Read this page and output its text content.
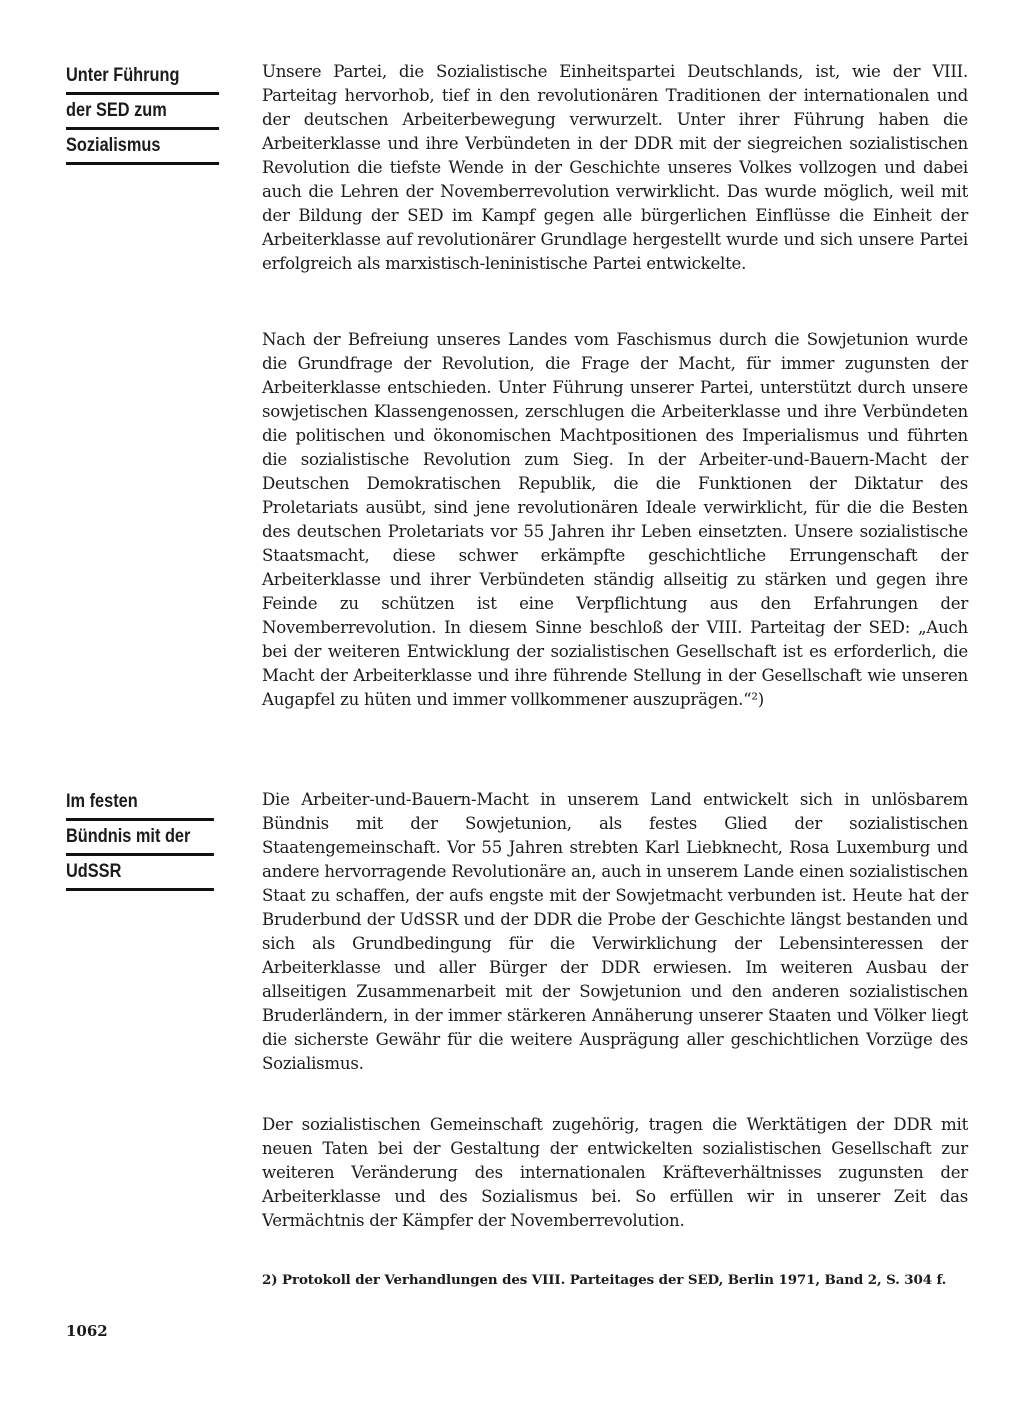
Unter Führung
der SED zum
Sozialismus
Im festen
Bündnis mit der
UdSSR

Unsere Partei, die Sozialistische Einheitspartei Deutschlands, ist, wie der VIII. Parteitag hervorhob, tief in den revolutionären Traditionen der internationalen und der deutschen Arbeiterbewegung verwurzelt. Unter ihrer Führung haben die Arbeiterklasse und ihre Verbündeten in der DDR mit der siegreichen sozialistischen Revolution die tiefste Wende in der Geschichte unseres Volkes vollzogen und dabei auch die Lehren der Novemberrevolution verwirklicht. Das wurde möglich, weil mit der Bildung der SED im Kampf gegen alle bürgerlichen Einflüsse die Einheit der Arbeiterklasse auf revolutionärer Grundlage hergestellt wurde und sich unsere Partei erfolgreich als marxistisch-leninistische Partei entwickelte.

Nach der Befreiung unseres Landes vom Faschismus durch die Sowjetunion wurde die Grundfrage der Revolution, die Frage der Macht, für immer zugunsten der Arbeiterklasse entschieden. Unter Führung unserer Partei, unterstützt durch unsere sowjetischen Klassengenossen, zerschlugen die Arbeiterklasse und ihre Verbündeten die politischen und ökonomischen Machtpositionen des Imperialismus und führten die sozialistische Revolution zum Sieg. In der Arbeiter-und-Bauern-Macht der Deutschen Demokratischen Republik, die die Funktionen der Diktatur des Proletariats ausübt, sind jene revolutionären Ideale verwirklicht, für die die Besten des deutschen Proletariats vor 55 Jahren ihr Leben einsetzten. Unsere sozialistische Staatsmacht, diese schwer erkämpfte geschichtliche Errungenschaft der Arbeiterklasse und ihrer Verbündeten ständig allseitig zu stärken und gegen ihre Feinde zu schützen ist eine Verpflichtung aus den Erfahrungen der Novemberrevolution. In diesem Sinne beschloß der VIII. Parteitag der SED: „Auch bei der weiteren Entwicklung der sozialistischen Gesellschaft ist es erforderlich, die Macht der Arbeiterklasse und ihre führende Stellung in der Gesellschaft wie unseren Augapfel zu hüten und immer vollkommener auszuprägen.“²)

Die Arbeiter-und-Bauern-Macht in unserem Land entwickelt sich in unlösbarem Bündnis mit der Sowjetunion, als festes Glied der sozialistischen Staatengemeinschaft. Vor 55 Jahren strebten Karl Liebknecht, Rosa Luxemburg und andere hervorragende Revolutionäre an, auch in unserem Lande einen sozialistischen Staat zu schaffen, der aufs engste mit der Sowjetmacht verbunden ist. Heute hat der Bruderbund der UdSSR und der DDR die Probe der Geschichte längst bestanden und sich als Grundbedingung für die Verwirklichung der Lebensinteressen der Arbeiterklasse und aller Bürger der DDR erwiesen. Im weiteren Ausbau der allseitigen Zusammenarbeit mit der Sowjetunion und den anderen sozialistischen Bruderländern, in der immer stärkeren Annäherung unserer Staaten und Völker liegt die sicherste Gewähr für die weitere Ausprägung aller geschichtlichen Vorzüge des Sozialismus.

Der sozialistischen Gemeinschaft zugehörig, tragen die Werktätigen der DDR mit neuen Taten bei der Gestaltung der entwickelten sozialistischen Gesellschaft zur weiteren Veränderung des internationalen Kräfteverhältnisses zugunsten der Arbeiterklasse und des Sozialismus bei. So erfüllen wir in unserer Zeit das Vermächtnis der Kämpfer der Novemberrevolution.

2) Protokoll der Verhandlungen des VIII. Parteitages der SED, Berlin 1971, Band 2, S. 304 f.

1062
